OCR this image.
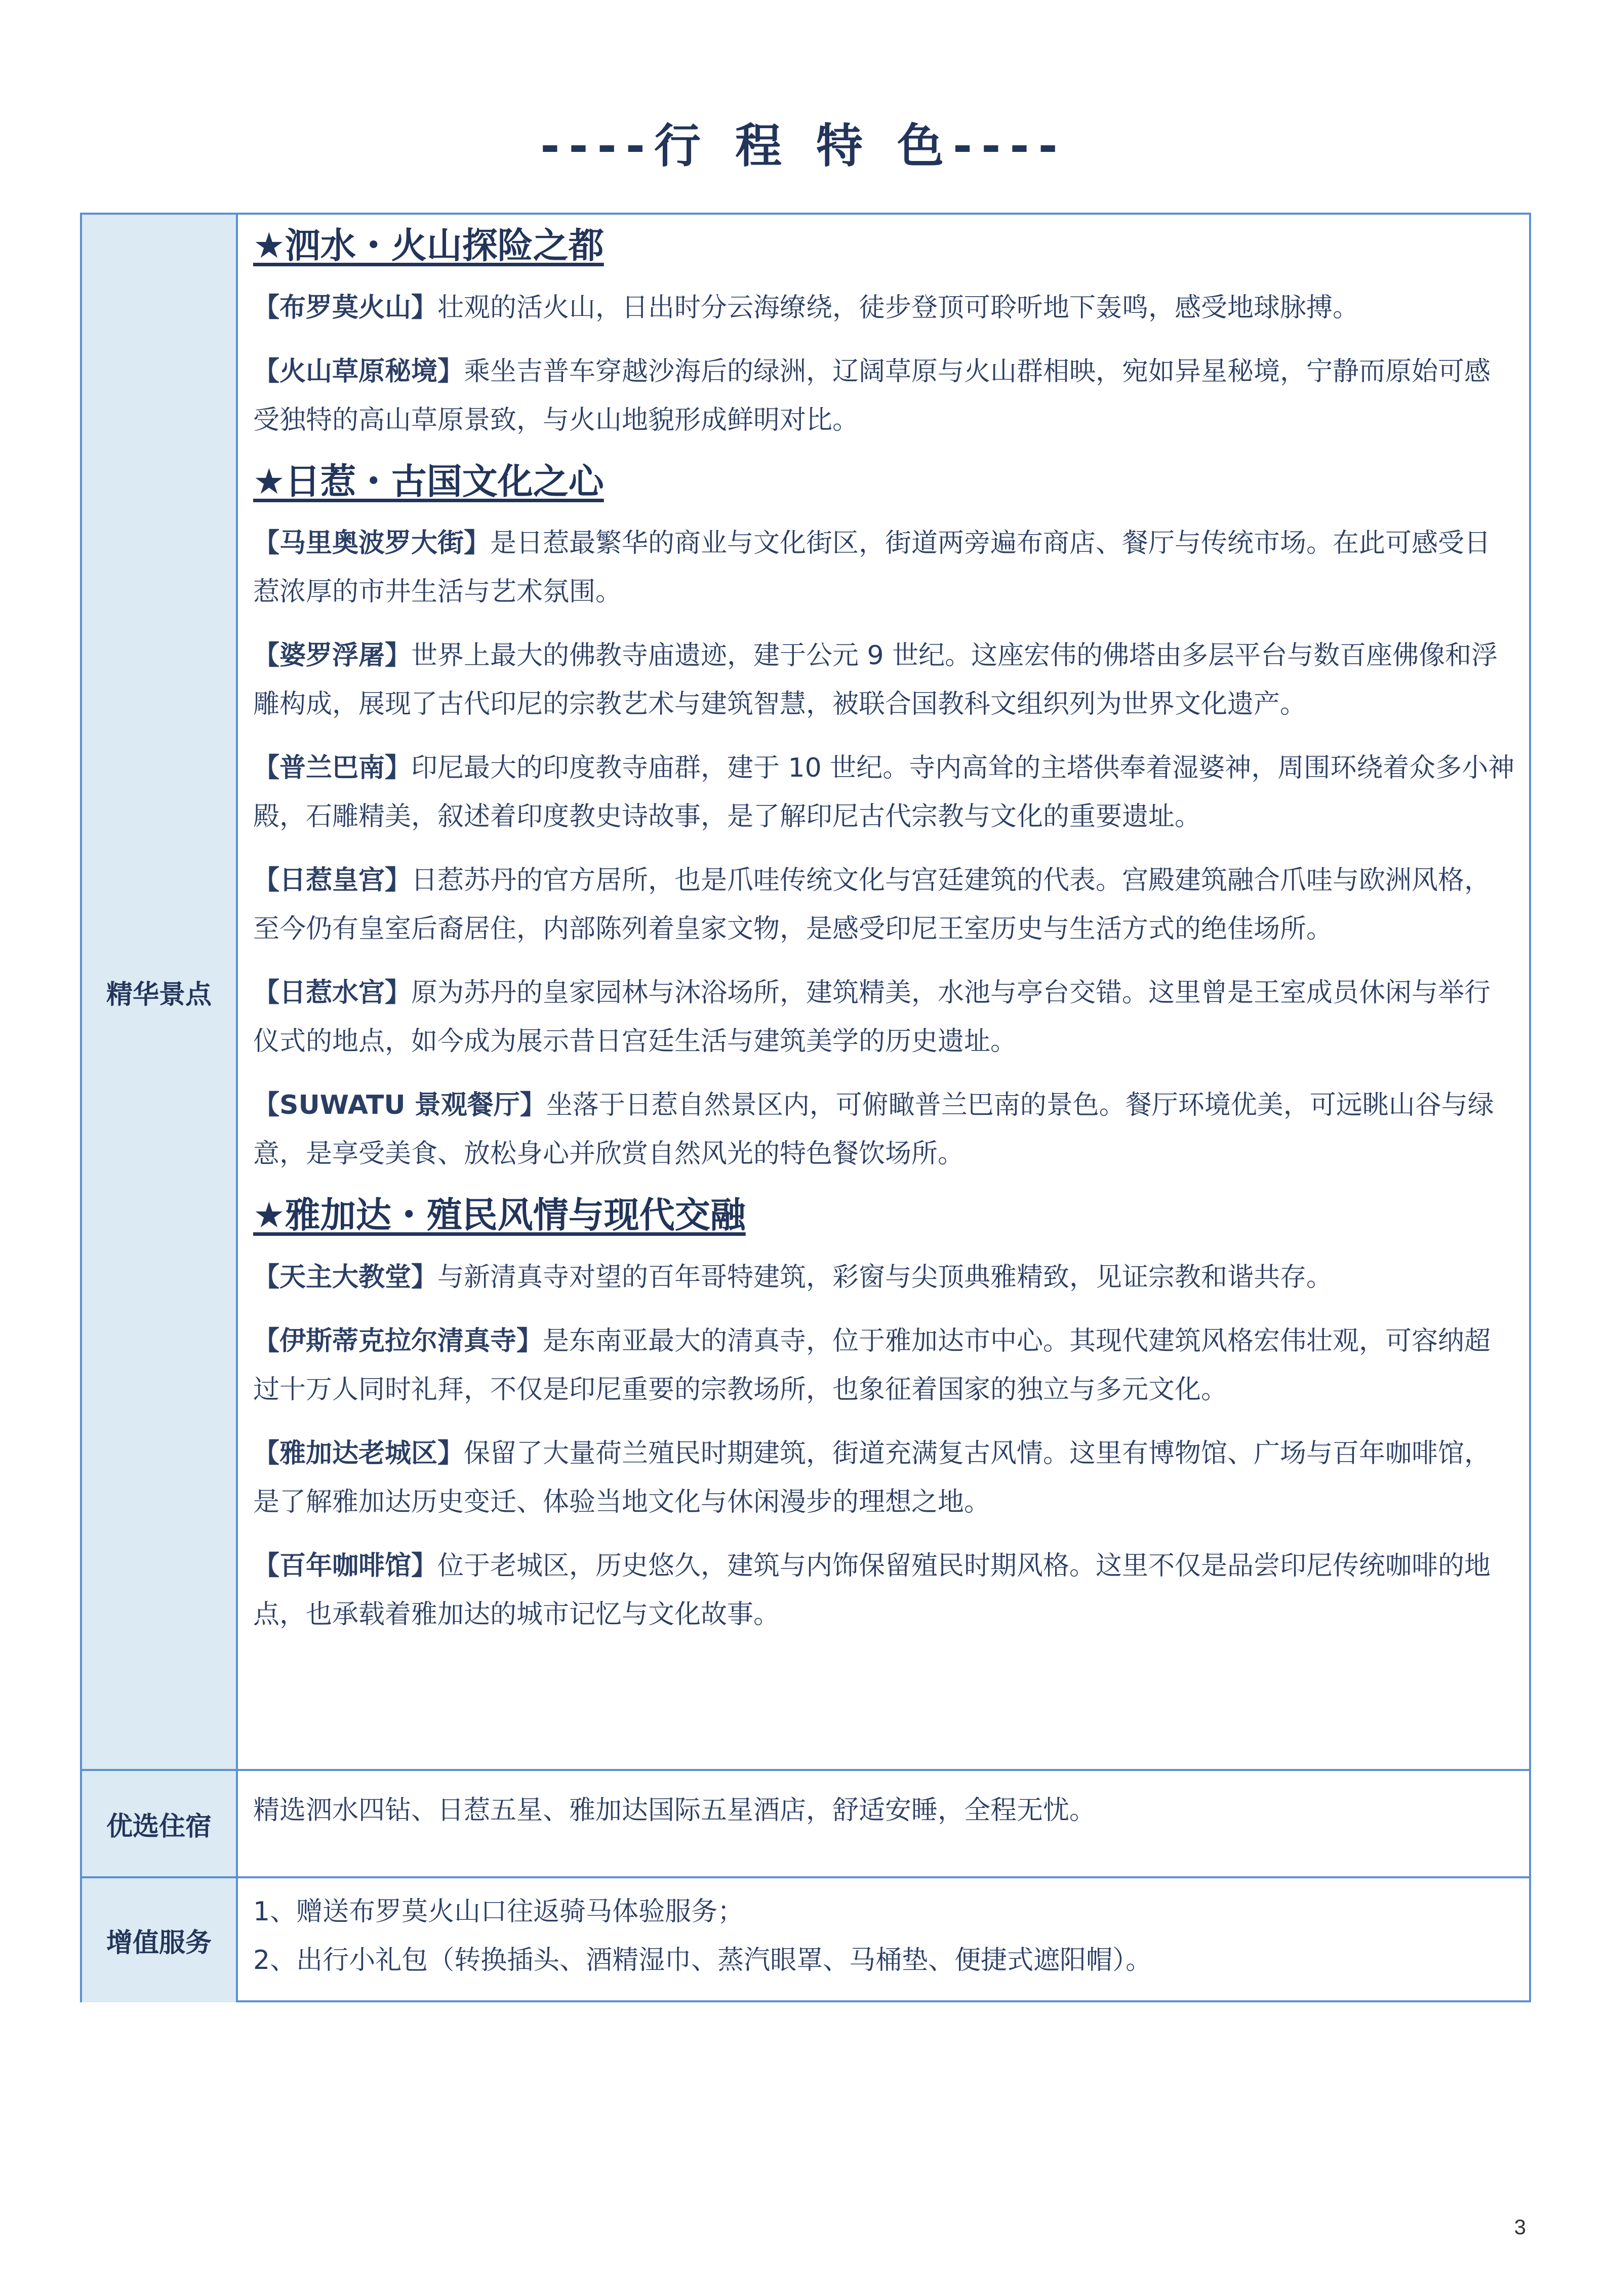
----行 程 特 色----
精华景点
★泗水・火山探险之都

【布罗莫火山】壮观的活火山，日出时分云海缭绕，徒步登顶可聆听地下轰鸣，感受地球脉搏。

【火山草原秘境】乘坐吉普车穿越沙海后的绿洲，辽阔草原与火山群相映，宛如异星秘境，宁静而原始可感受独特的高山草原景致，与火山地貌形成鲜明对比。

★日惹・古国文化之心

【马里奥波罗大街】是日惹最繁华的商业与文化街区，街道两旁遍布商店、餐厅与传统市场。在此可感受日惹浓厚的市井生活与艺术氛围。

【婆罗浮屠】世界上最大的佛教寺庙遗迹，建于公元 9 世纪。这座宏伟的佛塔由多层平台与数百座佛像和浮雕构成，展现了古代印尼的宗教艺术与建筑智慧，被联合国教科文组织列为世界文化遗产。

【普兰巴南】印尼最大的印度教寺庙群，建于 10 世纪。寺内高耸的主塔供奉着湿婆神，周围环绕着众多小神殿，石雕精美，叙述着印度教史诗故事，是了解印尼古代宗教与文化的重要遗址。

【日惹皇宫】日惹苏丹的官方居所，也是爪哇传统文化与宫廷建筑的代表。宫殿建筑融合爪哇与欧洲风格，至今仍有皇室后裔居住，内部陈列着皇家文物，是感受印尼王室历史与生活方式的绝佳场所。

【日惹水宫】原为苏丹的皇家园林与沐浴场所，建筑精美，水池与亭台交错。这里曾是王室成员休闲与举行仪式的地点，如今成为展示昔日宫廷生活与建筑美学的历史遗址。

【SUWATU 景观餐厅】坐落于日惹自然景区内，可俯瞰普兰巴南的景色。餐厅环境优美，可远眺山谷与绿意，是享受美食、放松身心并欣赏自然风光的特色餐饮场所。

★雅加达・殖民风情与现代交融

【天主大教堂】与新清真寺对望的百年哥特建筑，彩窗与尖顶典雅精致，见证宗教和谐共存。

【伊斯蒂克拉尔清真寺】是东南亚最大的清真寺，位于雅加达市中心。其现代建筑风格宏伟壮观，可容纳超过十万人同时礼拜，不仅是印尼重要的宗教场所，也象征着国家的独立与多元文化。

【雅加达老城区】保留了大量荷兰殖民时期建筑，街道充满复古风情。这里有博物馆、广场与百年咖啡馆，是了解雅加达历史变迁、体验当地文化与休闲漫步的理想之地。

【百年咖啡馆】位于老城区，历史悠久，建筑与内饰保留殖民时期风格。这里不仅是品尝印尼传统咖啡的地点，也承载着雅加达的城市记忆与文化故事。

优选住宿
精选泗水四钻、日惹五星、雅加达国际五星酒店，舒适安睡，全程无忧。
增值服务
1、赠送布罗莫火山口往返骑马体验服务；
2、出行小礼包（转换插头、酒精湿巾、蒸汽眼罩、马桶垫、便捷式遮阳帽）。
3
